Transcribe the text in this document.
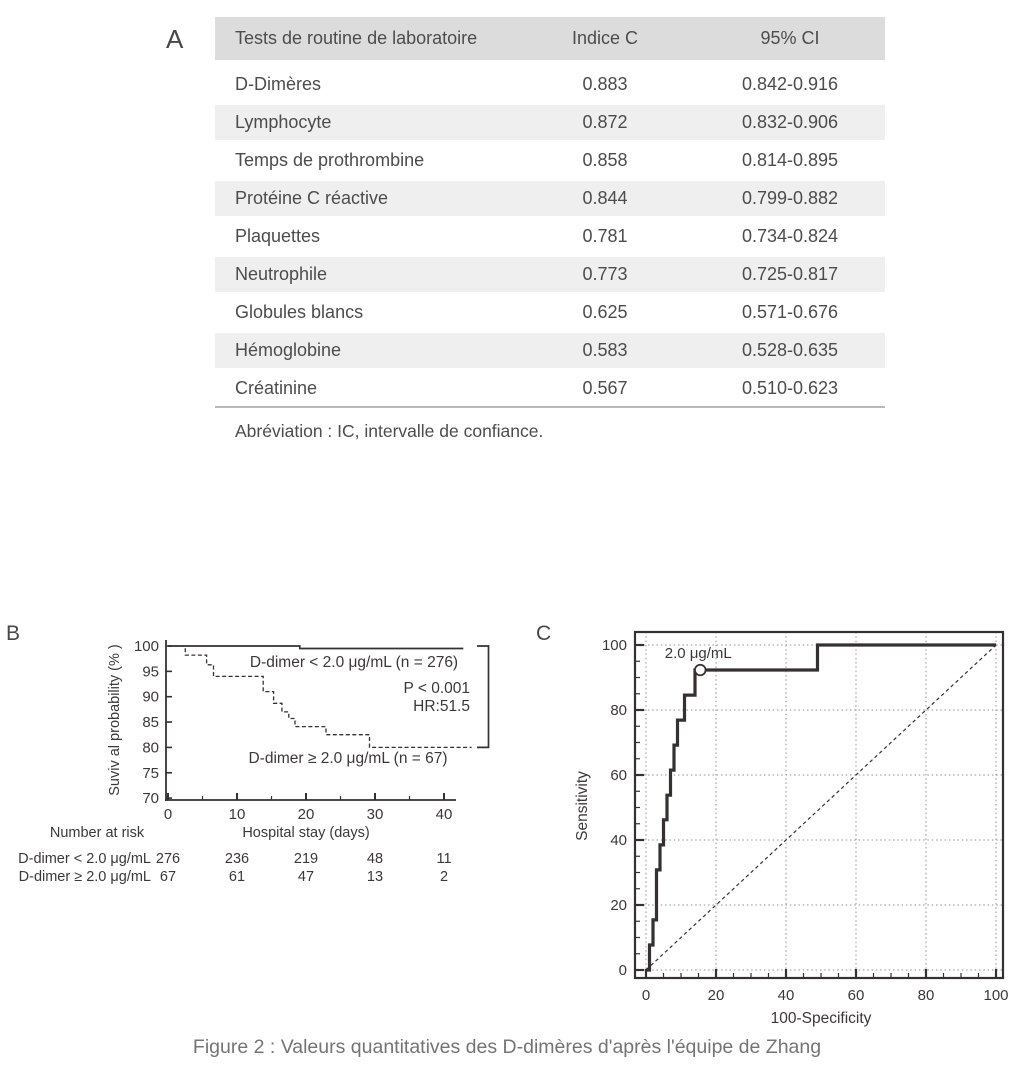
A
B	C
Tests de routine de laboratoire	Indice C	95% CI
D-Dimères	0.883	0.842-0.916
Lymphocyte	0.872	0.832-0.906
Temps de prothrombine	0.858	0.814-0.895
Protéine C réactive	0.844	0.799-0.882
Plaquettes	0.781	0.734-0.824
Neutrophile	0.773	0.725-0.817
Globules blancs	0.625	0.571-0.676
Hémoglobine	0.583	0.528-0.635
Créatinine	0.567	0.510-0.623
Abréviation : IC, intervalle de confiance.
0	10	20	30	40
70
75
80
85
90
95
100
Suviv al probability (% )	D-dimer < 2.0 μg/mL (n = 276)
P < 0.001
HR:51.5
D-dimer ≥ 2.0 μg/mL (n = 67)
Number at risk	Hospital stay (days)
D-dimer < 2.0 μg/mL 276	236	219	48	11
D-dimer ≥ 2.0 μg/mL 67	61	47	13	2
0	20	40	60	80	100
0
20
40
60
80
100	2.0 μg/mL
Sensitivity
100-Specificity
Figure 2 : Valeurs quantitatives des D-dimères d'après l'équipe de Zhang
